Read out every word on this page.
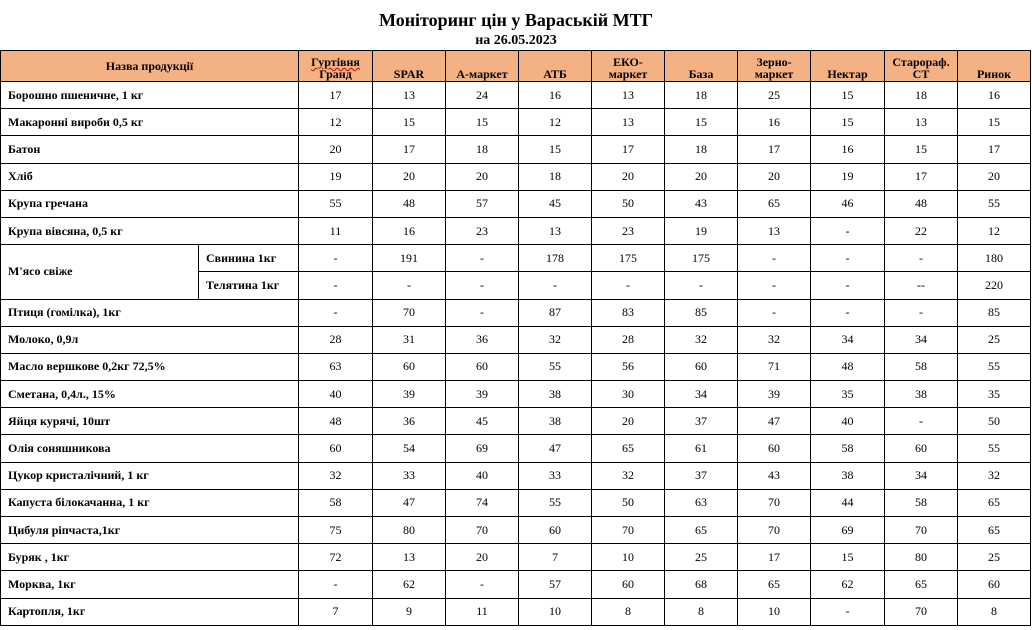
Моніторинг цін у Вараській МТГ
на 26.05.2023
Назва продукції		Гуртівня
Гранд	SPAR	А-маркет	АТБ	ЕКО-
маркет	База	Зерно-
маркет	Нектар	Старораф.
СТ	Ринок
Борошно пшеничне, 1 кг		17	13	24	16	13	18	25	15	18	16
Макаронні вироби 0,5 кг		12	15	15	12	13	15	16	15	13	15
Батон		20	17	18	15	17	18	17	16	15	17
Хліб		19	20	20	18	20	20	20	19	17	20
Крупа гречана		55	48	57	45	50	43	65	46	48	55
Крупа вівсяна, 0,5 кг		11	16	23	13	23	19	13	-	22	12
М'ясо свіже	Свинина 1кг	-	191	-	178	175	175	-	-	-	180
	Телятина 1кг	-	-	-	-	-	-	-	-	--	220
Птиця (гомілка), 1кг		-	70	-	87	83	85	-	-	-	85
Молоко, 0,9л		28	31	36	32	28	32	32	34	34	25
Масло вершкове 0,2кг 72,5%		63	60	60	55	56	60	71	48	58	55
Сметана, 0,4л., 15%		40	39	39	38	30	34	39	35	38	35
Яйця курячі, 10шт		48	36	45	38	20	37	47	40	-	50
Олія соняшникова		60	54	69	47	65	61	60	58	60	55
Цукор кристалічний, 1 кг		32	33	40	33	32	37	43	38	34	32
Капуста білокачанна, 1 кг		58	47	74	55	50	63	70	44	58	65
Цибуля ріпчаста,1кг		75	80	70	60	70	65	70	69	70	65
Буряк , 1кг		72	13	20	7	10	25	17	15	80	25
Морква, 1кг		-	62	-	57	60	68	65	62	65	60
Картопля, 1кг		7	9	11	10	8	8	10	-	70	8
